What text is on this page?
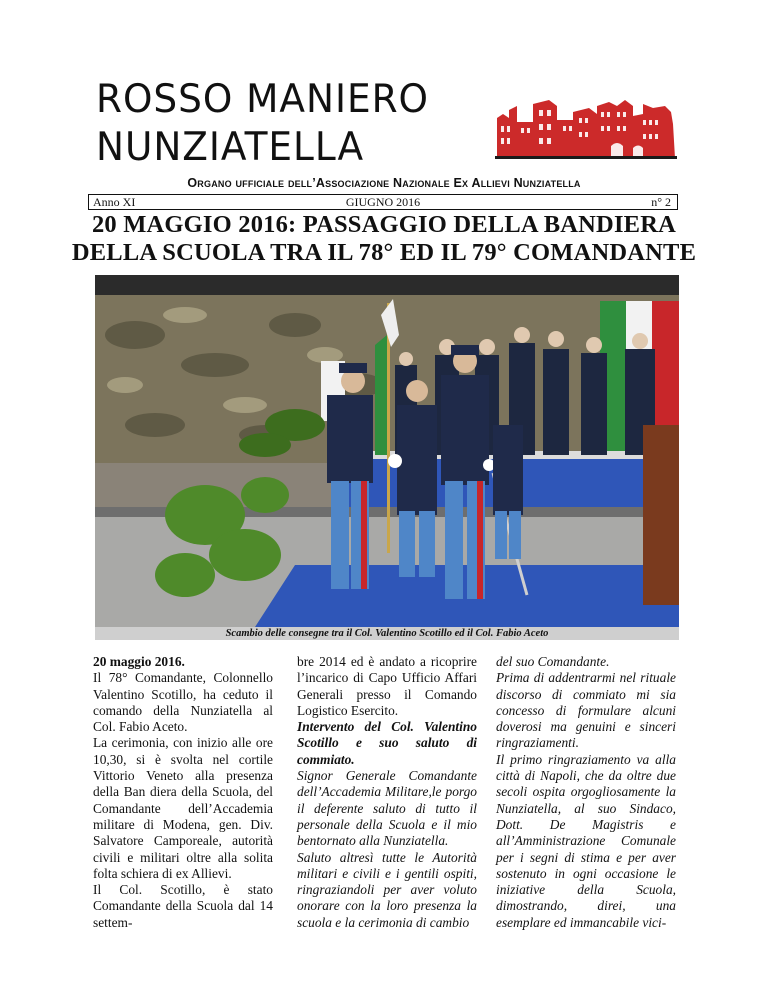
ROSSO MANIERO
NUNZIATELLA
Organo ufficiale dell’Associazione Nazionale Ex Allievi Nunziatella
Anno XI	GIUGNO 2016	n° 2
20 MAGGIO 2016: PASSAGGIO DELLA BANDIERA
DELLA SCUOLA TRA IL 78° ED IL 79° COMANDANTE
Scambio delle consegne tra il Col. Valentino Scotillo ed il Col. Fabio Aceto

20 maggio 2016.

Il 78° Comandante, Colonnello Valentino Scotillo, ha ceduto il comando della Nunziatella al Col. Fabio Aceto.

La cerimonia, con inizio alle ore 10,30, si è svolta nel cortile Vittorio Veneto alla presenza della Ban diera della Scuola, del Comandante dell’Accademia militare di Modena, gen. Div. Salvatore Camporeale, autorità civili e militari oltre alla solita folta schiera di ex Allievi.

Il Col. Scotillo, è stato Comandante della Scuola dal 14 settem-

bre 2014 ed è andato a ricoprire l’incarico di Capo Ufficio Affari Generali presso il Comando Logistico Esercito.

Intervento del Col. Valentino Scotillo e suo saluto di commiato.

Signor Generale Comandante dell’Accademia Militare,le porgo il deferente saluto di tutto il personale della Scuola e il mio bentornato alla Nunziatella.

Saluto altresì tutte le Autorità militari e civili e i gentili ospiti, ringraziandoli per aver voluto onorare con la loro presenza la scuola e la cerimonia di cambio

del suo Comandante.

Prima di addentrarmi nel rituale discorso di commiato mi sia concesso di formulare alcuni doverosi ma genuini e sinceri ringraziamenti.

Il primo ringraziamento va alla città di Napoli, che da oltre due secoli ospita orgogliosamente la Nunziatella, al suo Sindaco, Dott. De Magistris e all’Amministrazione Comunale per i segni di stima e per aver sostenuto in ogni occasione le iniziative della Scuola, dimostrando, direi, una esemplare ed immancabile vici-
